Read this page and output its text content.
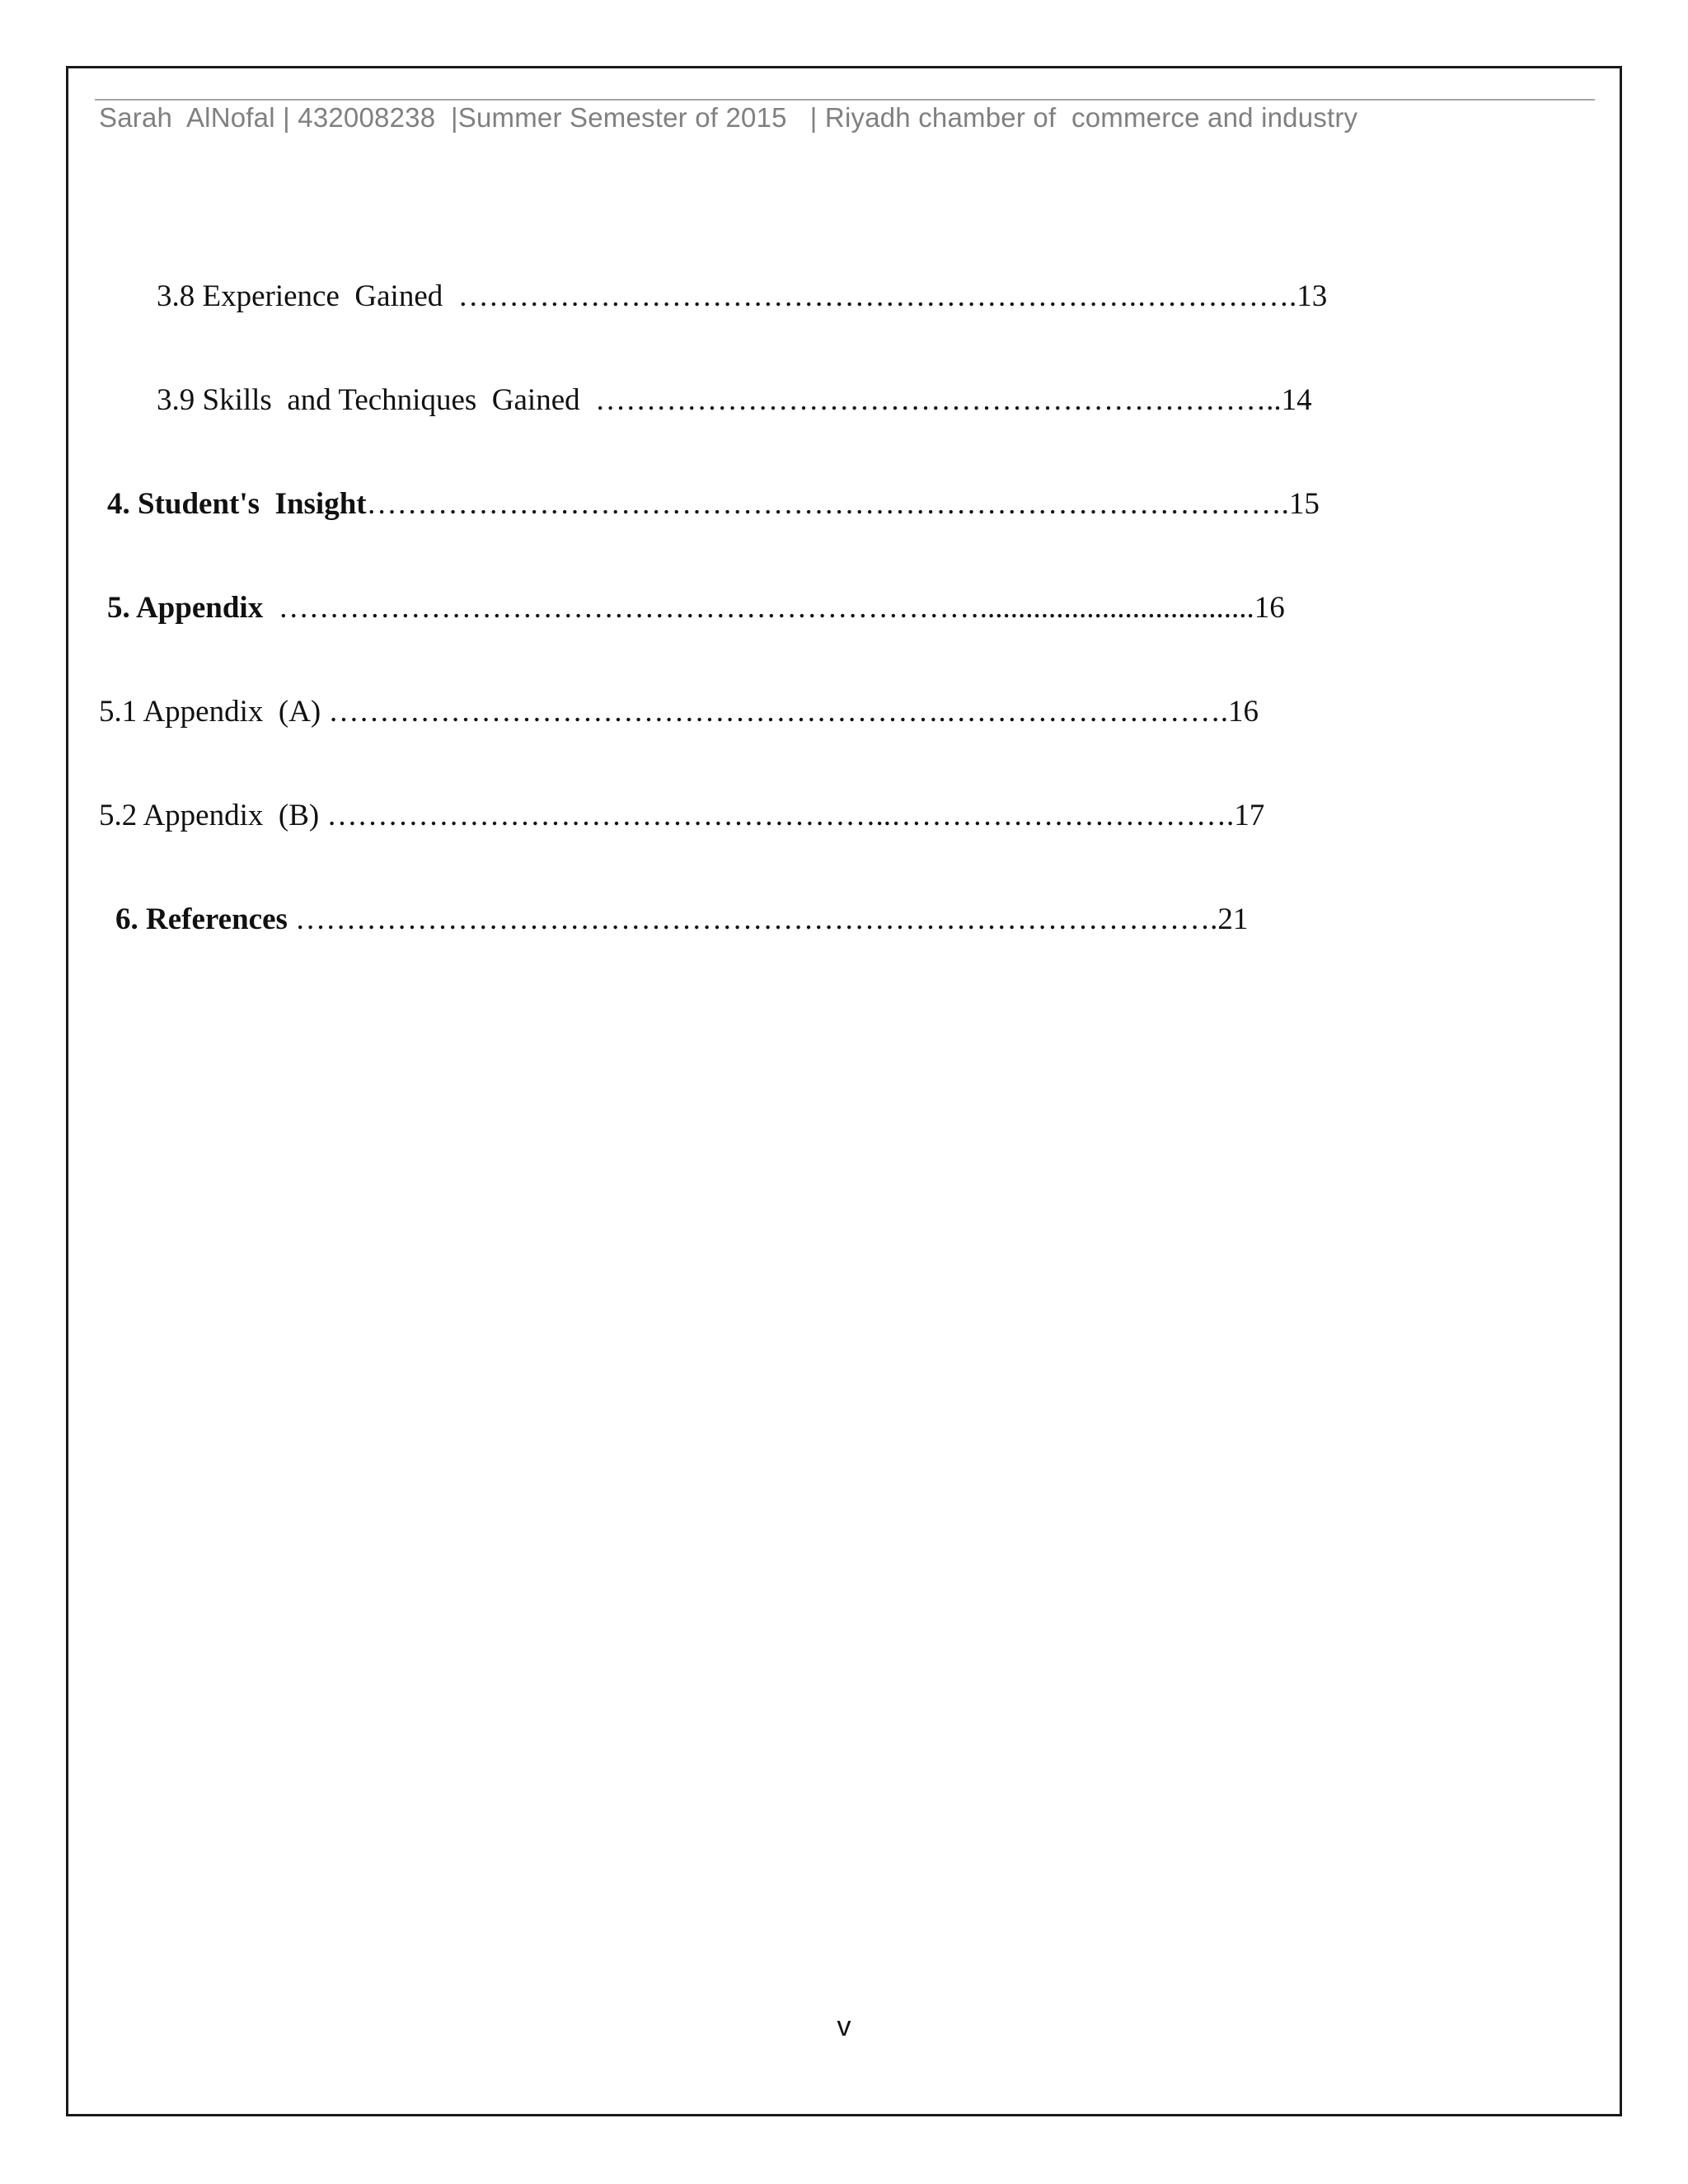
Sarah  AlNofal | 432008238  |Summer Semester of 2015   | Riyadh chamber of  commerce and industry
3.8 Experience  Gained  ………………………………………………………….…………….13
3.9 Skills  and Techniques  Gained  …………………………………………………………..14
4. Student's  Insight……………………………………………………………………………….15
5. Appendix  ……………………………………………………………....................................16
5.1 Appendix  (A) …………………………………………………….……………………….16
5.2 Appendix  (B) ………………………………………………..…………………………….17
6. References ……………………………………………………………………………….21
v
